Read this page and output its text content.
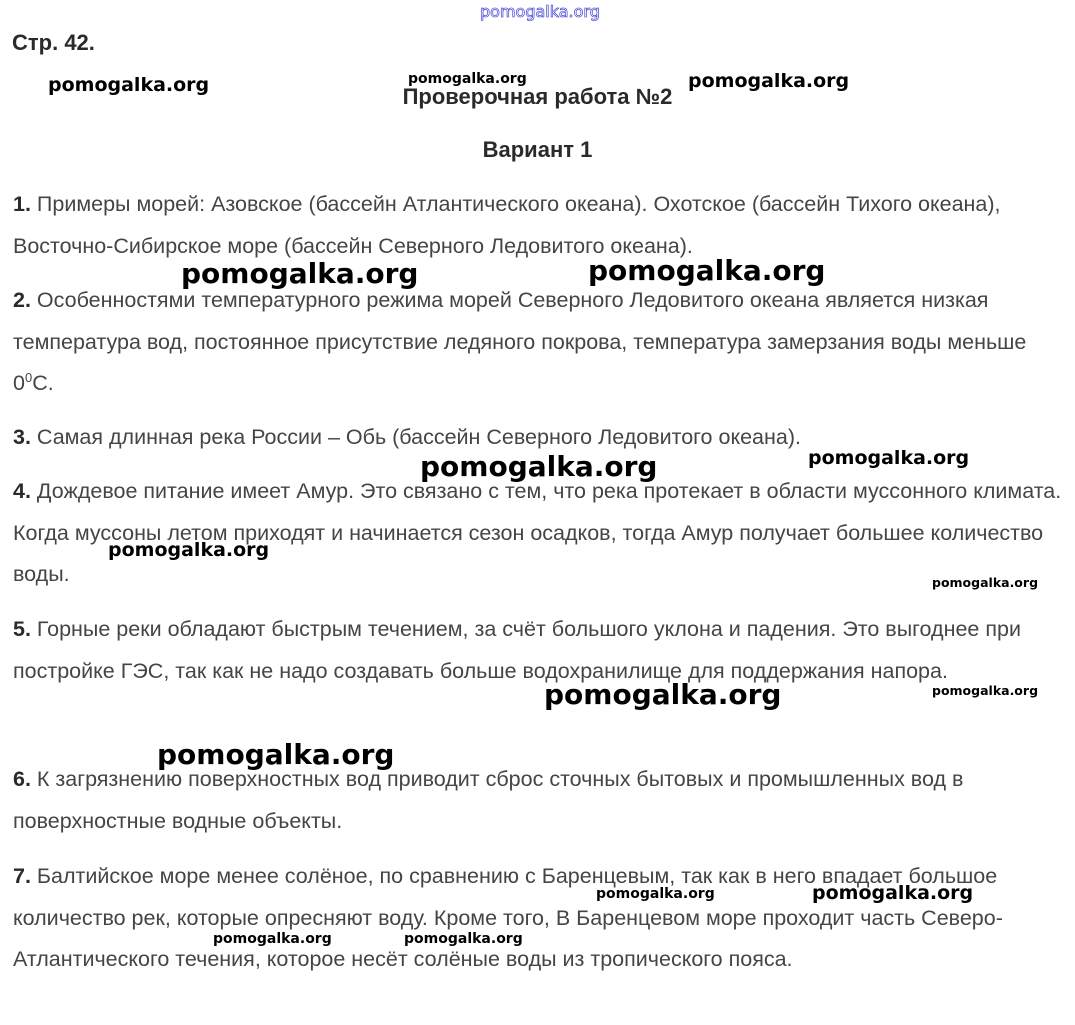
Стр. 42.
Проверочная работа №2
Вариант 1
1. Примеры морей: Азовское (бассейн Атлантического океана). Охотское (бассейн Тихого океана), Восточно-Сибирское море (бассейн Северного Ледовитого океана).
2. Особенностями температурного режима морей Северного Ледовитого океана является низкая температура вод, постоянное присутствие ледяного покрова, температура замерзания воды меньше $0^0С$.
3. Самая длинная река России – Обь (бассейн Северного Ледовитого океана).
4. Дождевое питание имеет Амур. Это связано с тем, что река протекает в области муссонного климата. Когда муссоны летом приходят и начинается сезон осадков, тогда Амур получает большее количество воды.
5. Горные реки обладают быстрым течением, за счёт большого уклона и падения. Это выгоднее при постройке ГЭС, так как не надо создавать больше водохранилище для поддержания напора.
6. К загрязнению поверхностных вод приводит сброс сточных бытовых и промышленных вод в поверхностные водные объекты.
7. Балтийское море менее солёное, по сравнению с Баренцевым, так как в него впадает большое количество рек, которые опресняют воду. Кроме того, В Баренцевом море проходит часть Северо-Атлантического течения, которое несёт солёные воды из тропического пояса.
pomogalka.org
pomogalka.org	pomogalka.org	pomogalka.org
pomogalka.org	pomogalka.org
pomogalka.org	pomogalka.org
pomogalka.org
pomogalka.org
pomogalka.org	pomogalka.org
pomogalka.org
pomogalka.org	pomogalka.org
pomogalka.org	pomogalka.org
